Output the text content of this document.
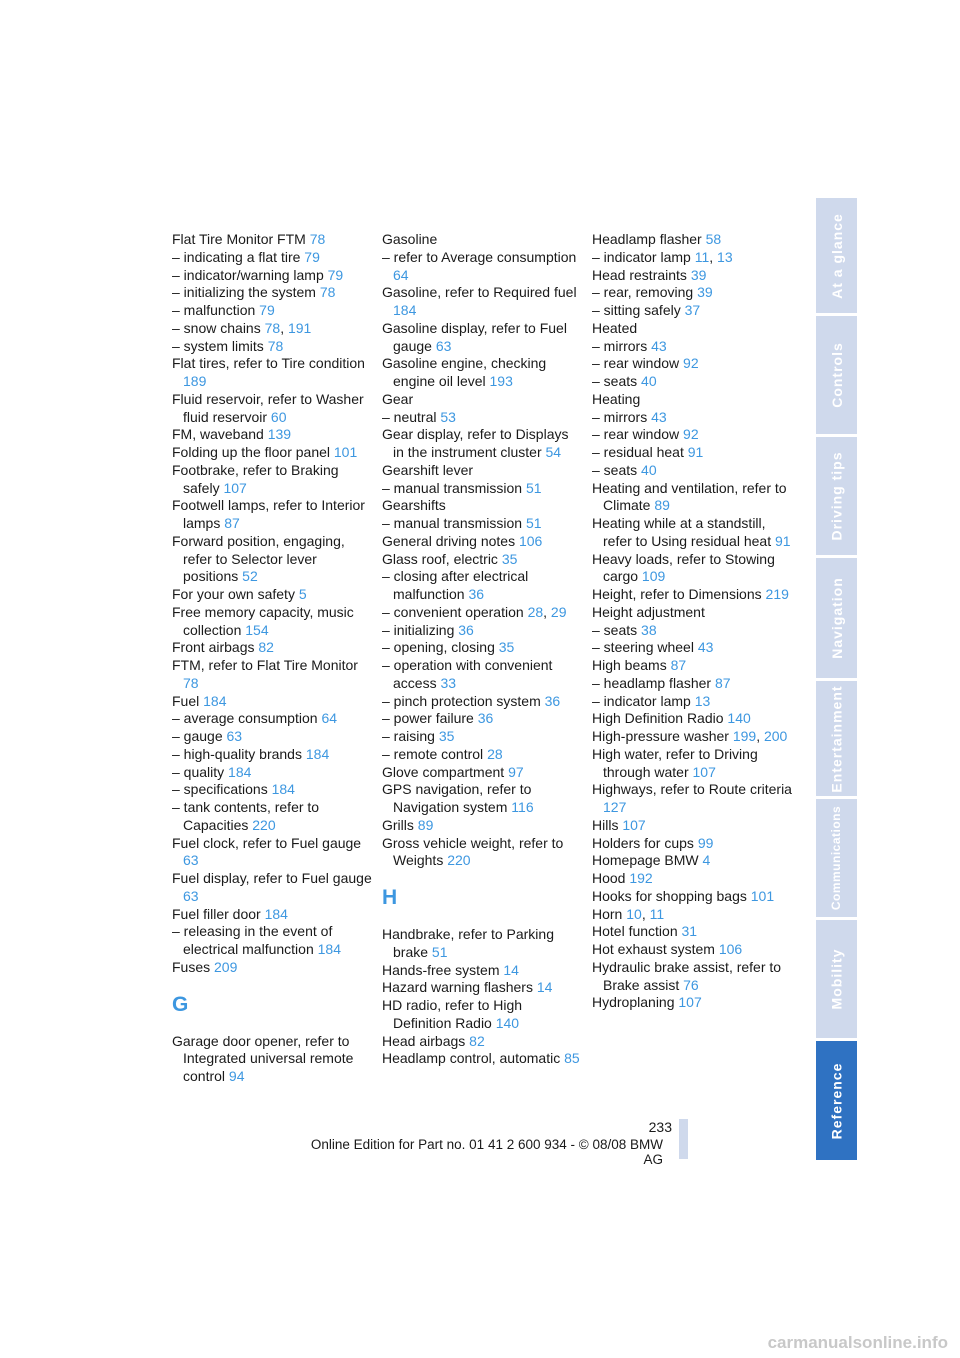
Flat Tire Monitor FTM 78
– indicating a flat tire 79
– indicator/warning lamp 79
– initializing the system 78
– malfunction 79
– snow chains 78, 191
– system limits 78
Flat tires, refer to Tire condition 189
Fluid reservoir, refer to Washer fluid reservoir 60
FM, waveband 139
Folding up the floor panel 101
Footbrake, refer to Braking safely 107
Footwell lamps, refer to Interior lamps 87
Forward position, engaging, refer to Selector lever positions 52
For your own safety 5
Free memory capacity, music collection 154
Front airbags 82
FTM, refer to Flat Tire Monitor 78
Fuel 184
– average consumption 64
– gauge 63
– high-quality brands 184
– quality 184
– specifications 184
– tank contents, refer to Capacities 220
Fuel clock, refer to Fuel gauge 63
Fuel display, refer to Fuel gauge 63
Fuel filler door 184
– releasing in the event of electrical malfunction 184
Fuses 209
G
Garage door opener, refer to Integrated universal remote control 94
Gasoline
– refer to Average consumption 64
Gasoline, refer to Required fuel 184
Gasoline display, refer to Fuel gauge 63
Gasoline engine, checking engine oil level 193
Gear
– neutral 53
Gear display, refer to Displays in the instrument cluster 54
Gearshift lever
– manual transmission 51
Gearshifts
– manual transmission 51
General driving notes 106
Glass roof, electric 35
– closing after electrical malfunction 36
– convenient operation 28, 29
– initializing 36
– opening, closing 35
– operation with convenient access 33
– pinch protection system 36
– power failure 36
– raising 35
– remote control 28
Glove compartment 97
GPS navigation, refer to Navigation system 116
Grills 89
Gross vehicle weight, refer to Weights 220
H
Handbrake, refer to Parking brake 51
Hands-free system 14
Hazard warning flashers 14
HD radio, refer to High Definition Radio 140
Head airbags 82
Headlamp control, automatic 85
Headlamp flasher 58
– indicator lamp 11, 13
Head restraints 39
– rear, removing 39
– sitting safely 37
Heated
– mirrors 43
– rear window 92
– seats 40
Heating
– mirrors 43
– rear window 92
– residual heat 91
– seats 40
Heating and ventilation, refer to Climate 89
Heating while at a standstill, refer to Using residual heat 91
Heavy loads, refer to Stowing cargo 109
Height, refer to Dimensions 219
Height adjustment
– seats 38
– steering wheel 43
High beams 87
– headlamp flasher 87
– indicator lamp 13
High Definition Radio 140
High-pressure washer 199, 200
High water, refer to Driving through water 107
Highways, refer to Route criteria 127
Hills 107
Holders for cups 99
Homepage BMW 4
Hood 192
Hooks for shopping bags 101
Horn 10, 11
Hotel function 31
Hot exhaust system 106
Hydraulic brake assist, refer to Brake assist 76
Hydroplaning 107
At a glance
Controls
Driving tips
Navigation
Entertainment
Communications
Mobility
Reference
233
Online Edition for Part no. 01 41 2 600 934 - © 08/08 BMW AG
carmanualsonline.info
